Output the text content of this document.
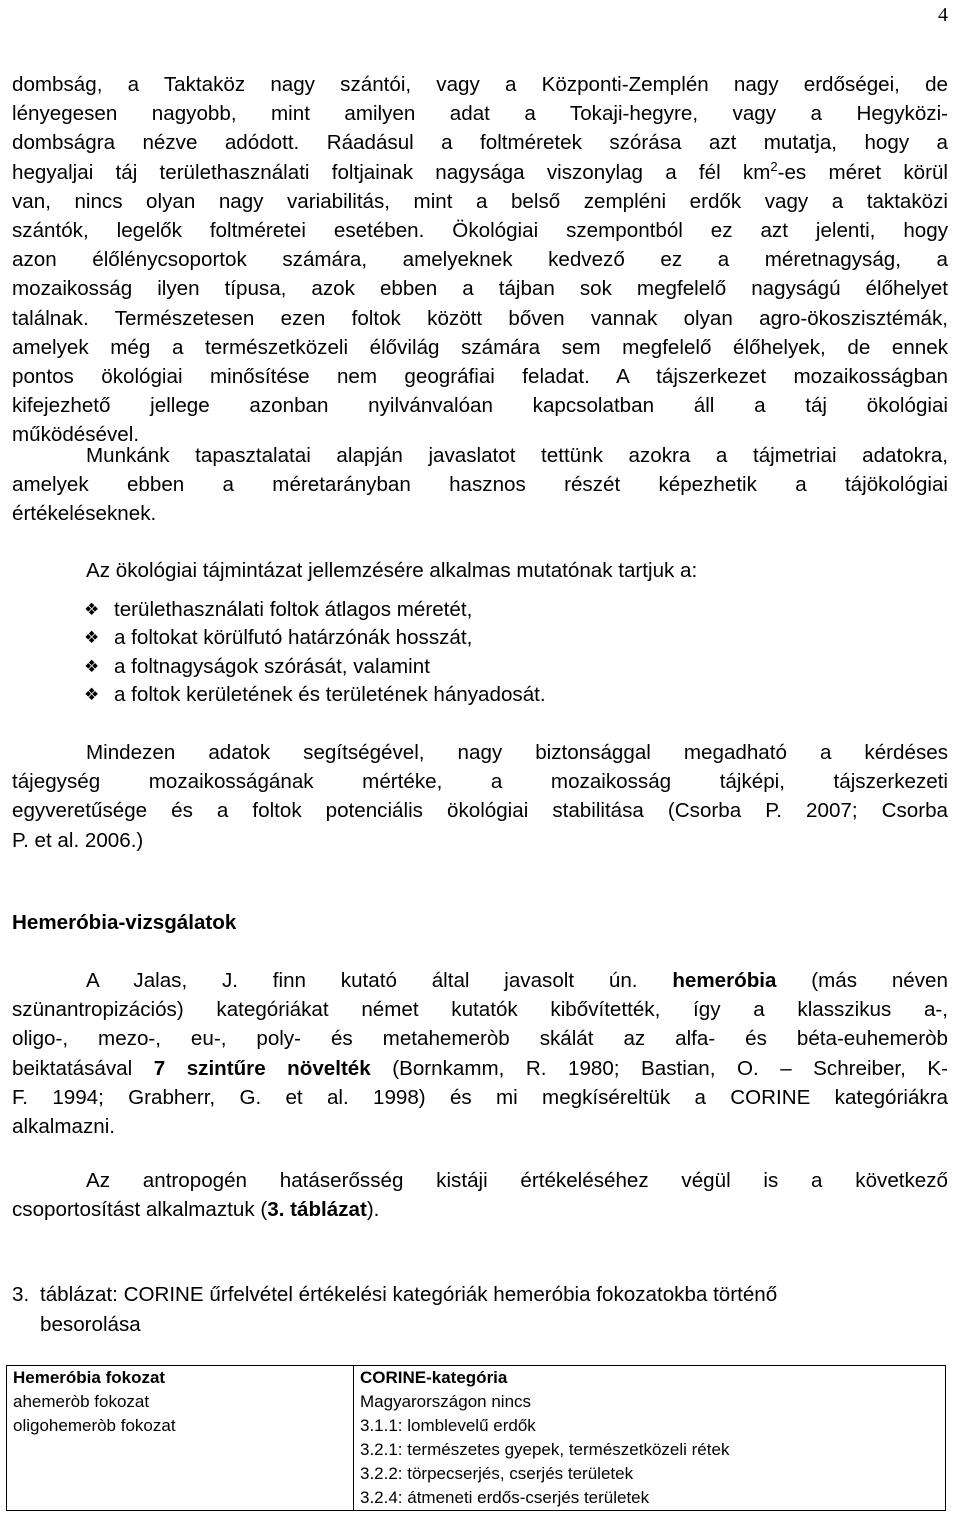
4
dombság, a Taktaköz nagy szántói, vagy a Központi-Zemplén nagy erdőségei, de
lényegesen nagyobb, mint amilyen adat a Tokaji-hegyre, vagy a Hegyközi-
dombságra nézve adódott. Ráadásul a foltméretek szórása azt mutatja, hogy a
hegyaljai táj területhasználati foltjainak nagysága viszonylag a fél $km^2-es$ méret körül
van, nincs olyan nagy variabilitás, mint a belső zempléni erdők vagy a taktaközi
szántók, legelők foltméretei esetében. Ökológiai szempontból ez azt jelenti, hogy
azon élőlénycsoportok számára, amelyeknek kedvező ez a méretnagyság, a
mozaikosság ilyen típusa, azok ebben a tájban sok megfelelő nagyságú élőhelyet
találnak. Természetesen ezen foltok között bőven vannak olyan agro-ökoszisztémák,
amelyek még a természetközeli élővilág számára sem megfelelő élőhelyek, de ennek
pontos ökológiai minősítése nem geográfiai feladat. A tájszerkezet mozaikosságban
kifejezhető jellege azonban nyilvánvalóan kapcsolatban áll a táj ökológiai
működésével.
Munkánk tapasztalatai alapján javaslatot tettünk azokra a tájmetriai adatokra,
amelyek ebben a méretarányban hasznos részét képezhetik a tájökológiai
értékeléseknek.
Az ökológiai tájmintázat jellemzésére alkalmas mutatónak tartjuk a:
❖ területhasználati foltok átlagos méretét,
❖ a foltokat körülfutó határzónák hosszát,
❖ a foltnagyságok szórását, valamint
❖ a foltok kerületének és területének hányadosát.
Mindezen adatok segítségével, nagy biztonsággal megadható a kérdéses
tájegység mozaikosságának mértéke, a mozaikosság tájképi, tájszerkezeti
egyveretűsége és a foltok potenciális ökológiai stabilitása (Csorba P. 2007; Csorba
P. et al. 2006.)
Hemeróbia-vizsgálatok
A Jalas, J. finn kutató által javasolt ún. hemeróbia (más néven
szünantropizációs) kategóriákat német kutatók kibővítették, így a klasszikus a-,
oligo-, mezo-, eu-, poly- és metahemeròb skálát az alfa- és béta-euhemeròb
beiktatásával 7 szintűre növelték (Bornkamm, R. 1980; Bastian, O. – Schreiber, K-
F. 1994; Grabherr, G. et al. 1998) és mi megkíséreltük a CORINE kategóriákra
alkalmazni.
Az antropogén hatáserősség kistáji értékeléséhez végül is a következő
csoportosítást alkalmaztuk (3. táblázat).
3. táblázat: CORINE űrfelvétel értékelési kategóriák hemeróbia fokozatokba történő
besorolása
Hemeróbia fokozat	CORINE-kategória
ahemeròb fokozat	Magyarországon nincs
oligohemeròb fokozat	3.1.1: lomblevelű erdők
	3.2.1: természetes gyepek, természetközeli rétek
	3.2.2: törpecserjés, cserjés területek
	3.2.4: átmeneti erdős-cserjés területek
